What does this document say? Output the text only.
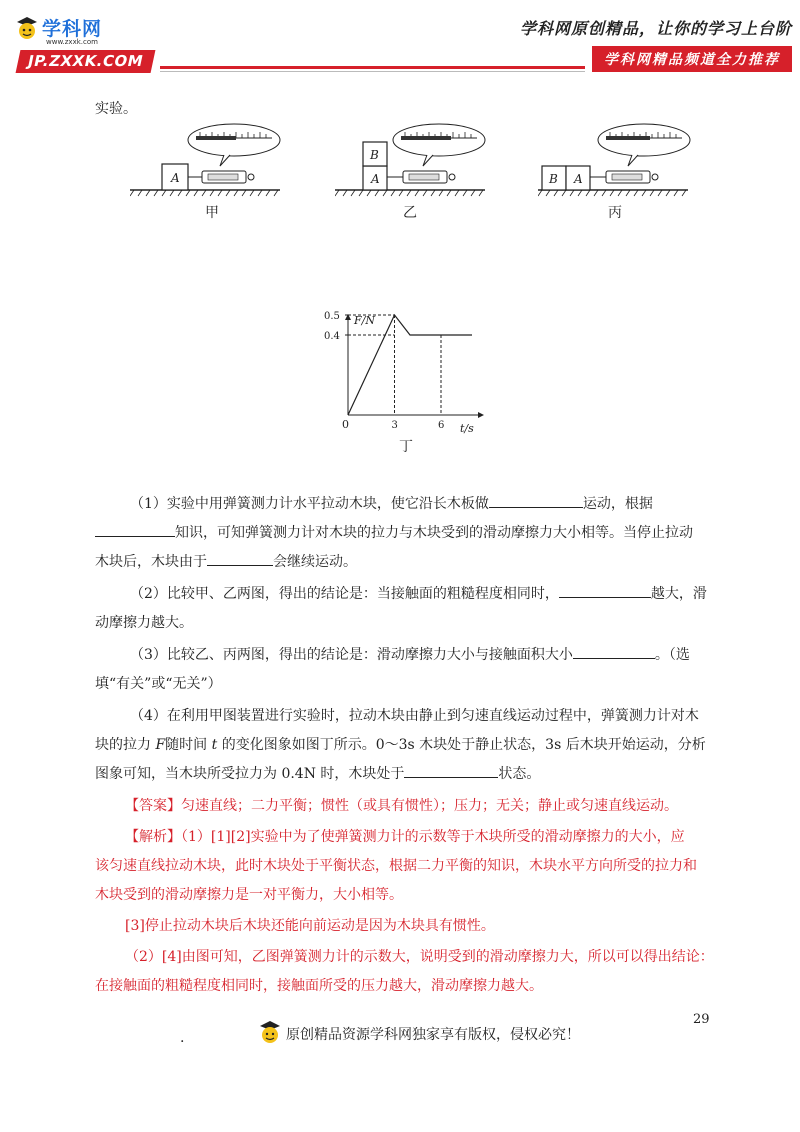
学科网
www.zxxk.com
JP.ZXXK.COM
学科网原创精品，让你的学习上台阶
学科网精品频道全力推荐
实验。
A
甲
A
B
乙
B A
丙
F/N
t/s
0
0.5
0.4
3	6
丁
（1）实验中用弹簧测力计水平拉动木块，使它沿长木板做	运动，根据
知识，可知弹簧测力计对木块的拉力与木块受到的滑动摩擦力大小相等。当停止拉动
木块后，木块由于	会继续运动。
（2）比较甲、乙两图，得出的结论是：当接触面的粗糙程度相同时，	越大，滑
动摩擦力越大。
（3）比较乙、丙两图，得出的结论是：滑动摩擦力大小与接触面积大小	。（选
填“有关”或“无关”）
（4）在利用甲图装置进行实验时，拉动木块由静止到匀速直线运动过程中，弹簧测力计对木
块的拉力 F随时间 t 的变化图象如图丁所示。0～3s 木块处于静止状态，3s 后木块开始运动，分析
图象可知，当木块所受拉力为 0.4N 时，木块处于	状态。
【答案】匀速直线；二力平衡；惯性（或具有惯性）；压力；无关；静止或匀速直线运动。
【解析】（1）[1][2]实验中为了使弹簧测力计的示数等于木块所受的滑动摩擦力的大小，应
该匀速直线拉动木块，此时木块处于平衡状态，根据二力平衡的知识，木块水平方向所受的拉力和
木块受到的滑动摩擦力是一对平衡力，大小相等。
[3]停止拉动木块后木块还能向前运动是因为木块具有惯性。
（2）[4]由图可知，乙图弹簧测力计的示数大，说明受到的滑动摩擦力大，所以可以得出结论：
在接触面的粗糙程度相同时，接触面所受的压力越大，滑动摩擦力越大。
29
.	原创精品资源学科网独家享有版权，侵权必究！
